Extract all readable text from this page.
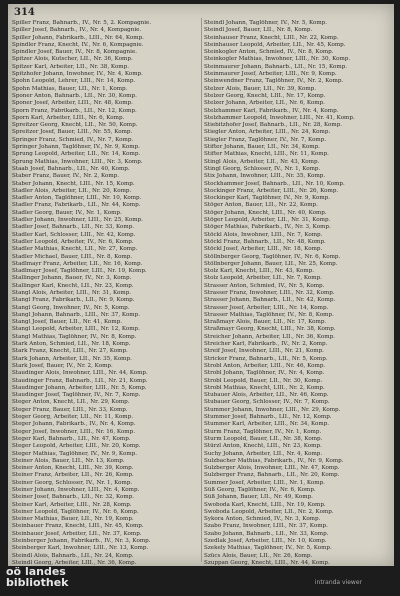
314
Spiller Franz, Bahnarb., IV., Nr. 5, 2. Kompagnie.
Spiller Josef, Bahnarb., IV., Nr. 4, Kompagnie.
Spiller Johann, Fabrikarb., LIII., Nr. 64, Komp.
Spindler Franz, Knecht, IV., Nr. 6, Kompagnie.
Spindler Josef, Bauer, IV., Nr. 8, Kompagnie.
Spitzer Alois, Kutscher, LII., Nr. 36, Komp.
Spitzer Karl, Arbeiter, LII., Nr. 38, Komp.
Spitzhofer Johann, Inwohner, IV., Nr. 4, Komp.
Spohn Leopold, Lehrer, LIII., Nr. 14, Komp.
Spohn Mathias, Bauer, LII., Nr. 1, Komp.
Sponer Anton, Bahnarb., LII., Nr. 30, Komp.
Sponer Josef, Arbeiter, LIII., Nr. 48, Komp.
Sporn Franz, Fabrikarb., LII., Nr. 12, Komp.
Sporn Karl, Arbeiter, LIII., Nr. 6, Komp.
Spreitzer Georg, Knecht, LII., Nr. 50, Komp.
Spreitzer Josef, Bauer, LIII., Nr. 55, Komp.
Springer Franz, Schmied, IV., Nr. 7, Komp.
Springer Johann, Taglöhner, IV., Nr. 9, Komp.
Sprung Leopold, Arbeiter, LII., Nr. 14, Komp.
Sprung Mathias, Inwohner, LIII., Nr. 3, Komp.
Staab Josef, Bahnarb., LII., Nr. 40, Komp.
Staber Franz, Bauer, IV., Nr. 2, Komp.
Staber Johann, Knecht, LIII., Nr. 15, Komp.
Stadler Alois, Arbeiter, LII., Nr. 20, Komp.
Stadler Anton, Taglöhner, LIII., Nr. 10, Komp.
Stadler Franz, Fabrikarb., LII., Nr. 44, Komp.
Stadler Georg, Bauer, IV., Nr. 1, Komp.
Stadler Johann, Inwohner, LIII., Nr. 25, Komp.
Stadler Josef, Bahnarb., LII., Nr. 33, Komp.
Stadler Karl, Schlosser, LIII., Nr. 42, Komp.
Stadler Leopold, Arbeiter, IV., Nr. 6, Komp.
Stadler Mathias, Knecht, LII., Nr. 27, Komp.
Stadler Michael, Bauer, LIII., Nr. 8, Komp.
Stadlmayr Franz, Arbeiter, LII., Nr. 16, Komp.
Stadlmayr Josef, Taglöhner, LIII., Nr. 19, Komp.
Stallinger Johann, Bauer, IV., Nr. 3, Komp.
Stallinger Karl, Knecht, LII., Nr. 23, Komp.
Stangl Alois, Arbeiter, LIII., Nr. 31, Komp.
Stangl Franz, Fabrikarb., LII., Nr. 9, Komp.
Stangl Georg, Inwohner, IV., Nr. 5, Komp.
Stangl Johann, Bahnarb., LIII., Nr. 37, Komp.
Stangl Josef, Bauer, LII., Nr. 41, Komp.
Stangl Leopold, Arbeiter, LIII., Nr. 12, Komp.
Stangl Mathias, Taglöhner, IV., Nr. 8, Komp.
Stark Anton, Schmied, LII., Nr. 18, Komp.
Stark Franz, Knecht, LIII., Nr. 27, Komp.
Stark Johann, Arbeiter, LII., Nr. 35, Komp.
Stark Josef, Bauer, IV., Nr. 2, Komp.
Staudinger Alois, Inwohner, LIII., Nr. 44, Komp.
Staudinger Franz, Bahnarb., LII., Nr. 21, Komp.
Staudinger Johann, Arbeiter, LIII., Nr. 5, Komp.
Staudinger Josef, Taglöhner, IV., Nr. 7, Komp.
Steger Anton, Knecht, LII., Nr. 29, Komp.
Steger Franz, Bauer, LIII., Nr. 33, Komp.
Steger Georg, Arbeiter, LII., Nr. 11, Komp.
Steger Johann, Fabrikarb., IV., Nr. 4, Komp.
Steger Josef, Inwohner, LIII., Nr. 16, Komp.
Steger Karl, Bahnarb., LII., Nr. 47, Komp.
Steger Leopold, Arbeiter, LIII., Nr. 20, Komp.
Steger Mathias, Taglöhner, IV., Nr. 9, Komp.
Steiner Alois, Bauer, LII., Nr. 13, Komp.
Steiner Anton, Knecht, LIII., Nr. 39, Komp.
Steiner Franz, Arbeiter, LII., Nr. 26, Komp.
Steiner Georg, Schlosser, IV., Nr. 1, Komp.
Steiner Johann, Inwohner, LIII., Nr. 4, Komp.
Steiner Josef, Bahnarb., LII., Nr. 32, Komp.
Steiner Karl, Arbeiter, LIII., Nr. 28, Komp.
Steiner Leopold, Taglöhner, IV., Nr. 6, Komp.
Steiner Mathias, Bauer, LII., Nr. 19, Komp.
Steinbauer Franz, Knecht, LIII., Nr. 45, Komp.
Steinbauer Josef, Arbeiter, LII., Nr. 37, Komp.
Steinberger Johann, Fabrikarb., IV., Nr. 3, Komp.
Steinberger Karl, Inwohner, LIII., Nr. 13, Komp.
Steindl Alois, Bahnarb., LII., Nr. 24, Komp.
Steindl Georg, Arbeiter, LIII., Nr. 36, Komp.
Steindl Johann, Taglöhner, IV., Nr. 5, Komp.
Steindl Josef, Bauer, LII., Nr. 8, Komp.
Steinhauser Franz, Knecht, LIII., Nr. 22, Komp.
Steinhauser Leopold, Arbeiter, LII., Nr. 45, Komp.
Steinkogler Anton, Schmied, IV., Nr. 8, Komp.
Steinkogler Mathias, Inwohner, LIII., Nr. 30, Komp.
Steinmaurer Johann, Bahnarb., LII., Nr. 15, Komp.
Steinmaurer Josef, Arbeiter, LIII., Nr. 9, Komp.
Steinwendner Franz, Taglöhner, IV., Nr. 2, Komp.
Stelzer Alois, Bauer, LII., Nr. 39, Komp.
Stelzer Georg, Knecht, LIII., Nr. 17, Komp.
Stelzer Johann, Arbeiter, LII., Nr. 6, Komp.
Stelzhammer Karl, Fabrikarb., IV., Nr. 4, Komp.
Stelzhammer Leopold, Inwohner, LIII., Nr. 41, Komp.
Stiebitzhofer Josef, Bahnarb., LII., Nr. 28, Komp.
Stiegler Anton, Arbeiter, LIII., Nr. 24, Komp.
Stiegler Franz, Taglöhner, IV., Nr. 7, Komp.
Stifter Johann, Bauer, LII., Nr. 34, Komp.
Stifter Mathias, Knecht, LIII., Nr. 11, Komp.
Stingl Alois, Arbeiter, LII., Nr. 43, Komp.
Stingl Georg, Schlosser, IV., Nr. 1, Komp.
Stix Johann, Inwohner, LIII., Nr. 35, Komp.
Stockhammer Josef, Bahnarb., LII., Nr. 10, Komp.
Stockinger Franz, Arbeiter, LIII., Nr. 26, Komp.
Stockinger Karl, Taglöhner, IV., Nr. 9, Komp.
Stöger Anton, Bauer, LII., Nr. 22, Komp.
Stöger Johann, Knecht, LIII., Nr. 40, Komp.
Stöger Leopold, Arbeiter, LII., Nr. 31, Komp.
Stöger Mathias, Fabrikarb., IV., Nr. 3, Komp.
Stöckl Alois, Inwohner, LIII., Nr. 7, Komp.
Stöckl Franz, Bahnarb., LII., Nr. 48, Komp.
Stöckl Josef, Arbeiter, LIII., Nr. 18, Komp.
Stöllnberger Georg, Taglöhner, IV., Nr. 6, Komp.
Stöllnberger Johann, Bauer, LII., Nr. 25, Komp.
Stolz Karl, Knecht, LIII., Nr. 43, Komp.
Stolz Leopold, Arbeiter, LII., Nr. 7, Komp.
Strasser Anton, Schmied, IV., Nr. 5, Komp.
Strasser Franz, Inwohner, LIII., Nr. 32, Komp.
Strasser Johann, Bahnarb., LII., Nr. 42, Komp.
Strasser Josef, Arbeiter, LIII., Nr. 14, Komp.
Strasser Mathias, Taglöhner, IV., Nr. 8, Komp.
Straßmayr Alois, Bauer, LII., Nr. 17, Komp.
Straßmayr Georg, Knecht, LIII., Nr. 38, Komp.
Streicher Johann, Arbeiter, LII., Nr. 36, Komp.
Streicher Karl, Fabrikarb., IV., Nr. 2, Komp.
Streif Josef, Inwohner, LIII., Nr. 21, Komp.
Stricker Franz, Bahnarb., LII., Nr. 5, Komp.
Strobl Anton, Arbeiter, LIII., Nr. 46, Komp.
Strobl Johann, Taglöhner, IV., Nr. 4, Komp.
Strobl Leopold, Bauer, LII., Nr. 30, Komp.
Strobl Mathias, Knecht, LIII., Nr. 2, Komp.
Stubauer Alois, Arbeiter, LII., Nr. 46, Komp.
Stubauer Georg, Schlosser, IV., Nr. 7, Komp.
Stummer Johann, Inwohner, LIII., Nr. 29, Komp.
Stummer Josef, Bahnarb., LII., Nr. 12, Komp.
Stummer Karl, Arbeiter, LIII., Nr. 34, Komp.
Sturm Franz, Taglöhner, IV., Nr. 1, Komp.
Sturm Leopold, Bauer, LII., Nr. 38, Komp.
Stürzl Anton, Knecht, LIII., Nr. 23, Komp.
Suchy Johann, Arbeiter, LII., Nr. 4, Komp.
Sulzbacher Mathias, Fabrikarb., IV., Nr. 9, Komp.
Sulzberger Alois, Inwohner, LIII., Nr. 47, Komp.
Sulzberger Franz, Bahnarb., LII., Nr. 20, Komp.
Summer Josef, Arbeiter, LIII., Nr. 1, Komp.
Süß Georg, Taglöhner, IV., Nr. 6, Komp.
Süß Johann, Bauer, LII., Nr. 49, Komp.
Swoboda Karl, Knecht, LIII., Nr. 19, Komp.
Swoboda Leopold, Arbeiter, LII., Nr. 2, Komp.
Sykora Anton, Schmied, IV., Nr. 3, Komp.
Szabo Franz, Inwohner, LIII., Nr. 37, Komp.
Szabo Johann, Bahnarb., LII., Nr. 33, Komp.
Szedlak Josef, Arbeiter, LIII., Nr. 10, Komp.
Szekely Mathias, Taglöhner, IV., Nr. 5, Komp.
Szücs Alois, Bauer, LII., Nr. 26, Komp.
Szuppan Georg, Knecht, LIII., Nr. 44, Komp.
oö landes
bibliothek	intranda viewer
